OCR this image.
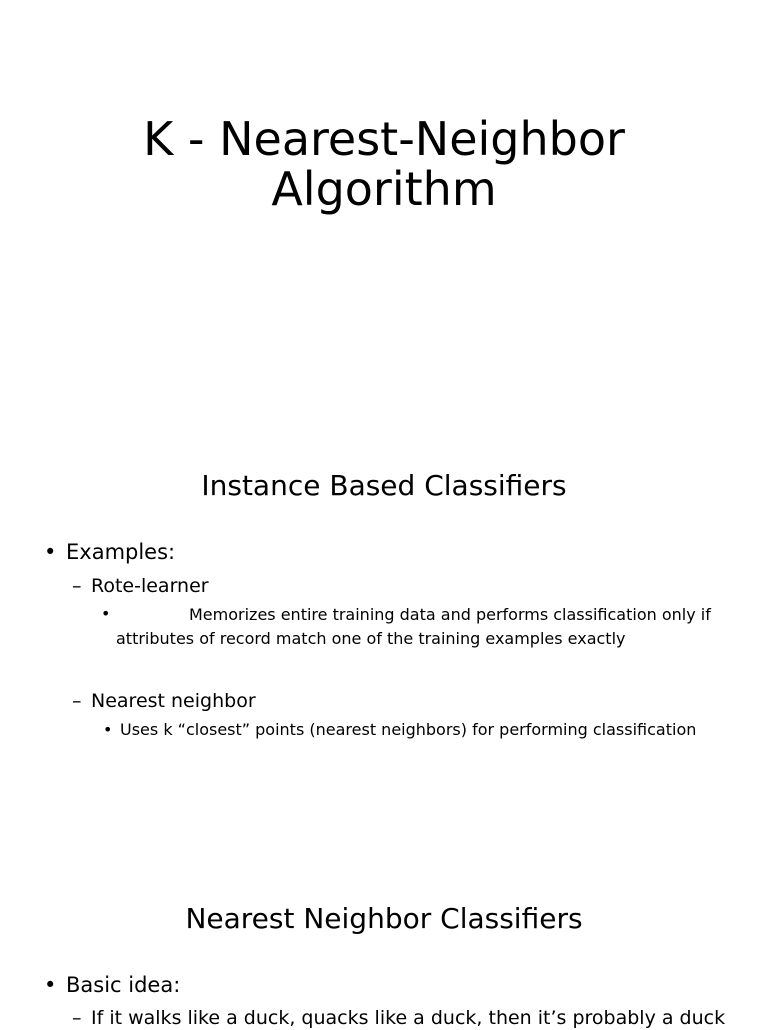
K - Nearest-Neighbor
Algorithm
Instance Based Classifiers
• Examples:
– Rote-learner
•	Memorizes entire training data and performs classification only if
attributes of record match one of the training examples exactly
– Nearest neighbor
• Uses k “closest” points (nearest neighbors) for performing classification
Nearest Neighbor Classifiers
• Basic idea:
– If it walks like a duck, quacks like a duck, then it’s probably a duck
